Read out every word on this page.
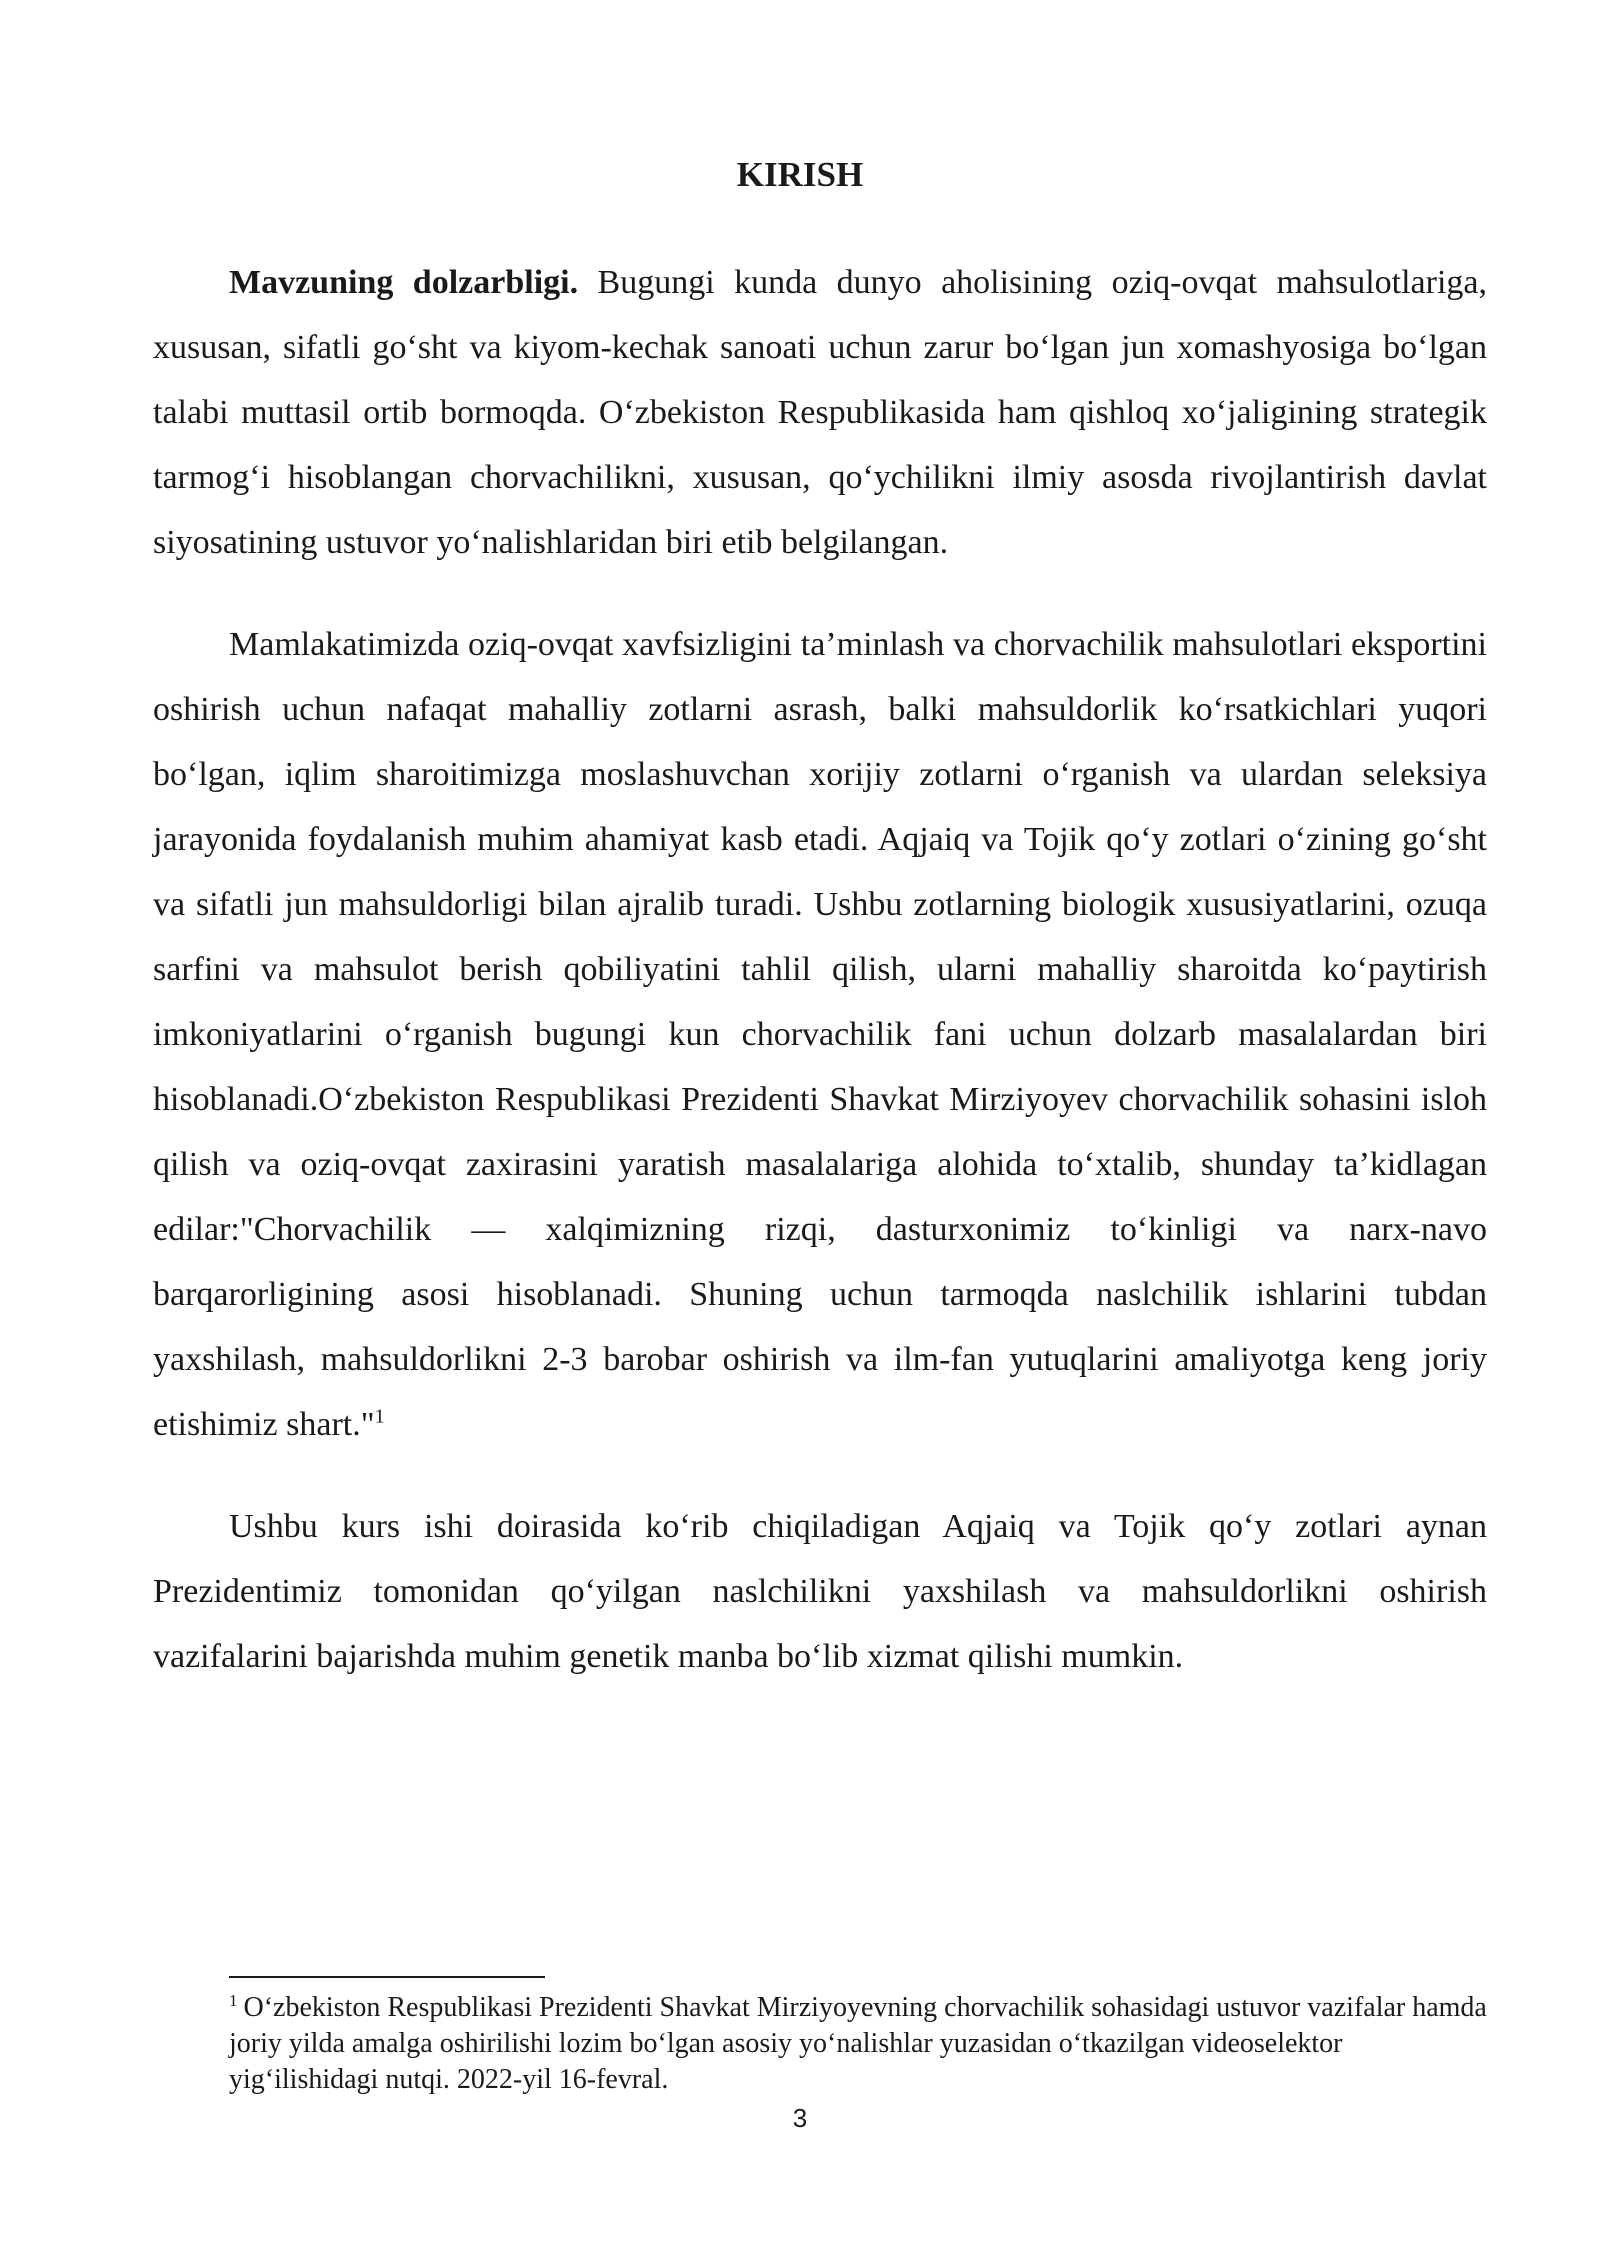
KIRISH

Mavzuning dolzarbligi. Bugungi kunda dunyo aholisining oziq-ovqat mahsulotlariga, xususan, sifatli go‘sht va kiyom-kechak sanoati uchun zarur bo‘lgan jun xomashyosiga bo‘lgan talabi muttasil ortib bormoqda. O‘zbekiston Respublikasida ham qishloq xo‘jaligining strategik tarmog‘i hisoblangan chorvachilikni, xususan, qo‘ychilikni ilmiy asosda rivojlantirish davlat siyosatining ustuvor yo‘nalishlaridan biri etib belgilangan.

Mamlakatimizda oziq-ovqat xavfsizligini ta’minlash va chorvachilik mahsulotlari eksportini oshirish uchun nafaqat mahalliy zotlarni asrash, balki mahsuldorlik ko‘rsatkichlari yuqori bo‘lgan, iqlim sharoitimizga moslashuvchan xorijiy zotlarni o‘rganish va ulardan seleksiya jarayonida foydalanish muhim ahamiyat kasb etadi. Aqjaiq va Tojik qo‘y zotlari o‘zining go‘sht va sifatli jun mahsuldorligi bilan ajralib turadi. Ushbu zotlarning biologik xususiyatlarini, ozuqa sarfini va mahsulot berish qobiliyatini tahlil qilish, ularni mahalliy sharoitda ko‘paytirish imkoniyatlarini o‘rganish bugungi kun chorvachilik fani uchun dolzarb masalalardan biri hisoblanadi.O‘zbekiston Respublikasi Prezidenti Shavkat Mirziyoyev chorvachilik sohasini isloh qilish va oziq-ovqat zaxirasini yaratish masalalariga alohida to‘xtalib, shunday ta’kidlagan edilar:"Chorvachilik — xalqimizning rizqi, dasturxonimiz to‘kinligi va narx-navo barqarorligining asosi hisoblanadi. Shuning uchun tarmoqda naslchilik ishlarini tubdan yaxshilash, mahsuldorlikni 2-3 barobar oshirish va ilm-fan yutuqlarini amaliyotga keng joriy etishimiz shart."$^1$

Ushbu kurs ishi doirasida ko‘rib chiqiladigan Aqjaiq va Tojik qo‘y zotlari aynan Prezidentimiz tomonidan qo‘yilgan naslchilikni yaxshilash va mahsuldorlikni oshirish vazifalarini bajarishda muhim genetik manba bo‘lib xizmat qilishi mumkin.

$^1$ O‘zbekiston Respublikasi Prezidenti Shavkat Mirziyoyevning chorvachilik sohasidagi ustuvor vazifalar hamda joriy yilda amalga oshirilishi lozim bo‘lgan asosiy yo‘nalishlar yuzasidan o‘tkazilgan videoselektor yig‘ilishidagi nutqi. 2022-yil 16-fevral.
3
